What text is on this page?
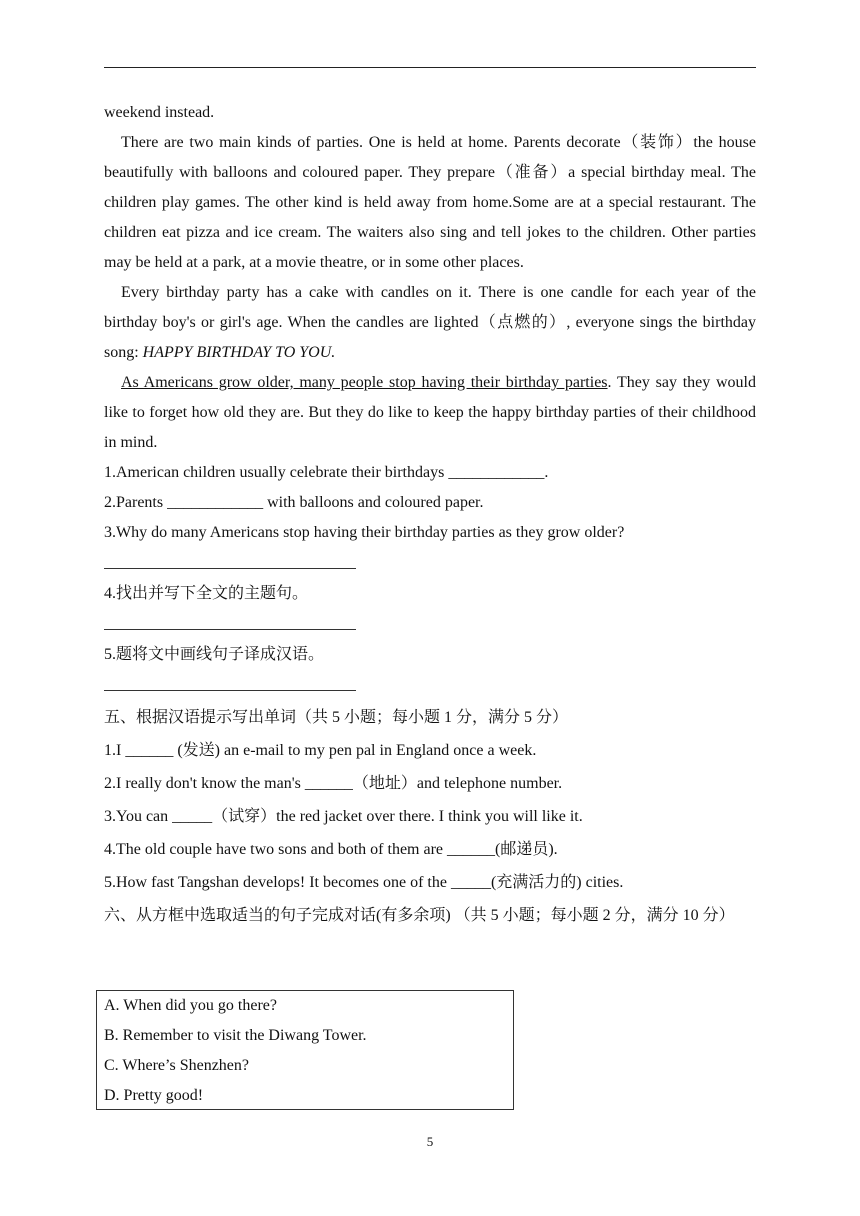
weekend instead.

There are two main kinds of parties. One is held at home. Parents decorate（装饰）the house beautifully with balloons and coloured paper. They prepare（准备）a special birthday meal. The children play games. The other kind is held away from home.Some are at a special restaurant. The children eat pizza and ice cream. The waiters also sing and tell jokes to the children. Other parties may be held at a park, at a movie theatre, or in some other places.

Every birthday party has a cake with candles on it. There is one candle for each year of the birthday boy's or girl's age. When the candles are lighted（点燃的）, everyone sings the birthday song: HAPPY BIRTHDAY TO YOU.

As Americans grow older, many people stop having their birthday parties. They say they would like to forget how old they are. But they do like to keep the happy birthday parties of their childhood in mind.

1.American children usually celebrate their birthdays ____________.

2.Parents ____________ with balloons and coloured paper.

3.Why do many Americans stop having their birthday parties as they grow older?

4.找出并写下全文的主题句。

5.题将文中画线句子译成汉语。

五、根据汉语提示写出单词（共 5 小题；每小题 1 分，满分 5 分）

1.I ______ (发送) an e-mail to my pen pal in England once a week.

2.I really don't know the man's ______（地址）and telephone number.

3.You can _____（试穿）the red jacket over there. I think you will like it.

4.The old couple have two sons and both of them are ______(邮递员).

5.How fast Tangshan develops! It becomes one of the _____(充满活力的) cities.

六、从方框中选取适当的句子完成对话(有多余项) （共 5 小题；每小题 2 分，满分 10 分）

A. When did you go there?

B. Remember to visit the Diwang Tower.

C. Where’s Shenzhen?

D. Pretty good!

5
